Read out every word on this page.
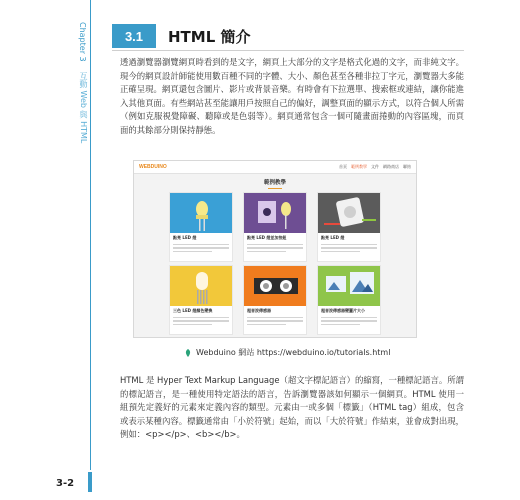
Chapter 3
互動 Web 與 HTML
3-2
3.1	HTML 簡介

透過瀏覽器瀏覽網頁時看到的是文字，網頁上大部分的文字是格式化過的文字，而非純文字。現今的網頁設計師能使用數百種不同的字體、大小、顏色甚至各種非拉丁字元，瀏覽器大多能正確呈現。網頁還包含圖片、影片或背景音樂。有時會有下拉選單、搜索框或連結，讓你能進入其他頁面。有些網站甚至能讓用戶按照自己的偏好，調整頁面的顯示方式，以符合個人所需（例如克服視覺障礙、聽障或是色弱等）。網頁通常包含一個可隨畫面捲動的內容區塊，而頁面的其餘部分則保持靜態。

WEBDUINO	首頁 範例教學 文件 網路商店 聯絡
範例教學
點亮 LED 燈	點亮 LED 燈並加按鈕	點亮 LED 燈
三色 LED 燈顏色變換	超音波傳感器	超音波傳感器變圖片大小
Webduino 網站 https://webduino.io/tutorials.html

HTML 是 Hyper Text Markup Language（超文字標記語言）的縮寫，一種標記語言。所謂的標記語言，是一種使用特定語法的語言，告訴瀏覽器該如何顯示一個網頁。HTML 使用一組預先定義好的元素來定義內容的類型。元素由一或多個「標籤」（HTML tag）組成，包含或表示某種內容。標籤通常由「小於符號」起始，而以「大於符號」作結束，並會成對出現，例如：<p></p>、<b></b>。
